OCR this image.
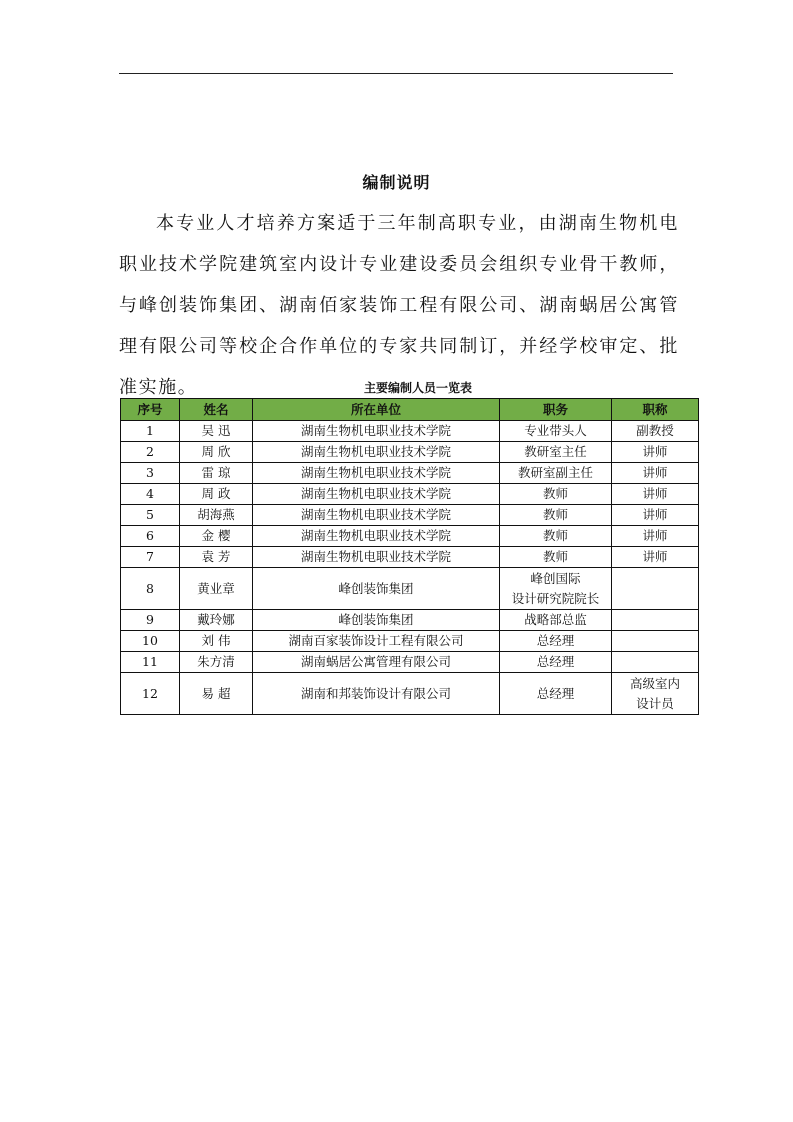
编制说明

本专业人才培养方案适于三年制高职专业，由湖南生物机电职业技术学院建筑室内设计专业建设委员会组织专业骨干教师，与峰创装饰集团、湖南佰家装饰工程有限公司、湖南蜗居公寓管理有限公司等校企合作单位的专家共同制订，并经学校审定、批准实施。	主要编制人员一览表
序号	姓名	所在单位	职务	职称
1	吴 迅	湖南生物机电职业技术学院	专业带头人	副教授
2	周 欣	湖南生物机电职业技术学院	教研室主任	讲师
3	雷 琼	湖南生物机电职业技术学院	教研室副主任	讲师
4	周 政	湖南生物机电职业技术学院	教师	讲师
5	胡海燕	湖南生物机电职业技术学院	教师	讲师
6	金 樱	湖南生物机电职业技术学院	教师	讲师
7	袁 芳	湖南生物机电职业技术学院	教师	讲师
8	黄业章	峰创装饰集团	峰创国际
设计研究院院长	

9	戴玲娜	峰创装饰集团	战略部总监	
10	刘 伟	湖南百家装饰设计工程有限公司	总经理	
11	朱方清	湖南蜗居公寓管理有限公司	总经理	
12	易 超	湖南和邦装饰设计有限公司	总经理	高级室内
设计员
